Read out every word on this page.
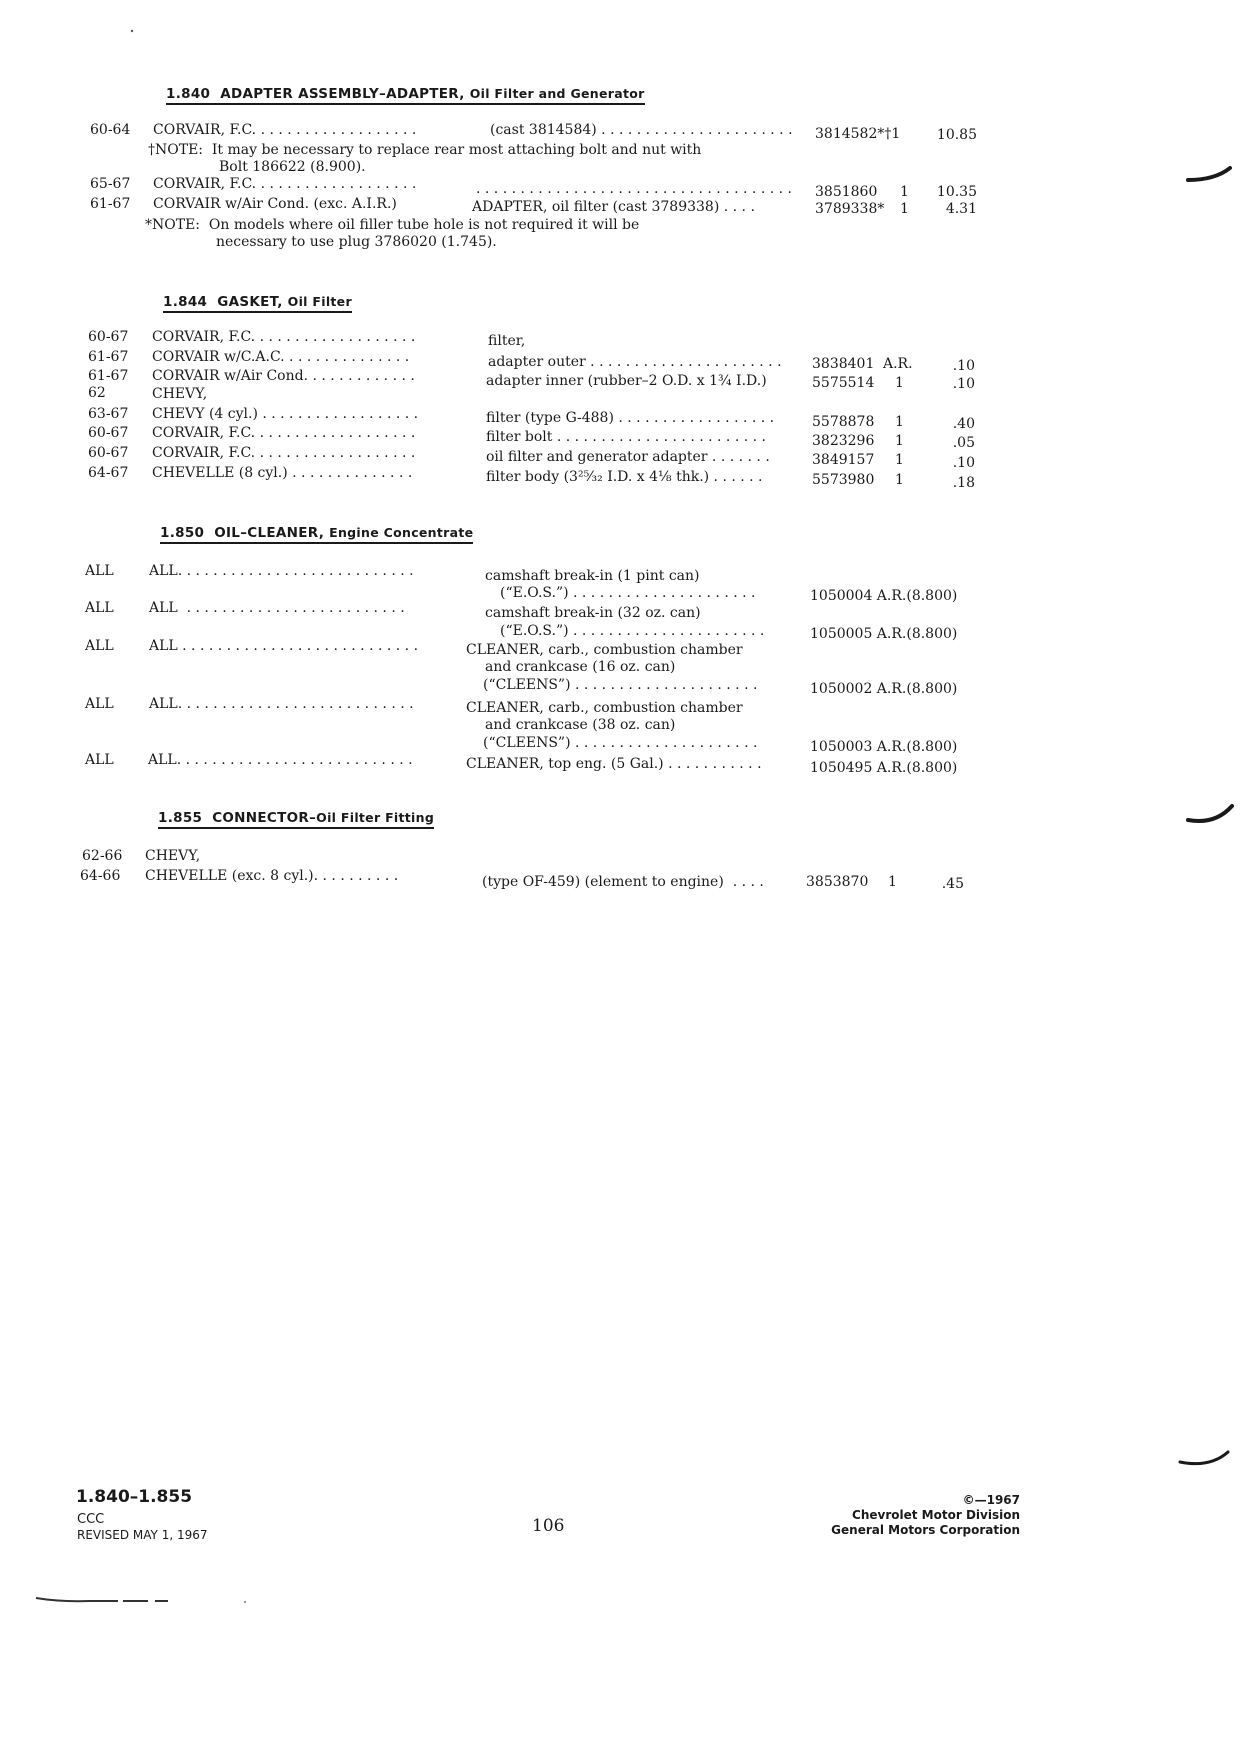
1.840 ADAPTER ASSEMBLY–ADAPTER, Oil Filter and Generator
60-64 CORVAIR, F.C. . . . . . . . . . . . . . . . . . .	(cast 3814584) . . . . . . . . . . . . . . . . . . . . . . 3814582*†1	10.85
†NOTE:  It may be necessary to replace rear most attaching bolt and nut with
Bolt 186622 (8.900).
65-67 CORVAIR, F.C. . . . . . . . . . . . . . . . . . .	. . . . . . . . . . . . . . . . . . . . . . . . . . . . . . . . . . . . 3851860 1	10.35
61-67 CORVAIR w/Air Cond. (exc. A.I.R.)	ADAPTER, oil filter (cast 3789338) . . . .	3789338* 1	4.31
*NOTE:  On models where oil filler tube hole is not required it will be
necessary to use plug 3786020 (1.745).
1.844 GASKET, Oil Filter
60-67 CORVAIR, F.C. . . . . . . . . . . . . . . . . . .	filter,
61-67 CORVAIR w/C.A.C. . . . . . . . . . . . . . .	adapter outer . . . . . . . . . . . . . . . . . . . . . . 3838401 A.R.	.10
61-67 CORVAIR w/Air Cond. . . . . . . . . . . . .	adapter inner (rubber–2 O.D. x 1¾ I.D.)	5575514 1	.10
62	CHEVY,
63-67 CHEVY (4 cyl.) . . . . . . . . . . . . . . . . . .	filter (type G-488) . . . . . . . . . . . . . . . . . .	5578878 1	.40
60-67 CORVAIR, F.C. . . . . . . . . . . . . . . . . . .	filter bolt . . . . . . . . . . . . . . . . . . . . . . . .	3823296 1	.05
60-67 CORVAIR, F.C. . . . . . . . . . . . . . . . . . .	oil filter and generator adapter . . . . . . .	3849157 1	.10
64-67 CHEVELLE (8 cyl.) . . . . . . . . . . . . . .	filter body (3²⁵⁄₃₂ I.D. x 4⅛ thk.) . . . . . .	5573980 1	.18
1.850 OIL–CLEANER, Engine Concentrate
ALL	ALL. . . . . . . . . . . . . . . . . . . . . . . . . . .	camshaft break-in (1 pint can)
(“E.O.S.”) . . . . . . . . . . . . . . . . . . . . .	1050004 A.R.(8.800)
ALL	ALL  . . . . . . . . . . . . . . . . . . . . . . . . .	camshaft break-in (32 oz. can)
(“E.O.S.”) . . . . . . . . . . . . . . . . . . . . . .	1050005 A.R.(8.800)
ALL	ALL . . . . . . . . . . . . . . . . . . . . . . . . . . .	CLEANER, carb., combustion chamber
and crankcase (16 oz. can)
(“CLEENS”) . . . . . . . . . . . . . . . . . . . . .	1050002 A.R.(8.800)
ALL	ALL. . . . . . . . . . . . . . . . . . . . . . . . . . .	CLEANER, carb., combustion chamber
and crankcase (38 oz. can)
(“CLEENS”) . . . . . . . . . . . . . . . . . . . . .	1050003 A.R.(8.800)
ALL ALL. . . . . . . . . . . . . . . . . . . . . . . . . . .	CLEANER, top eng. (5 Gal.) . . . . . . . . . . .	1050495 A.R.(8.800)
1.855 CONNECTOR–Oil Filter Fitting
62-66 CHEVY,
64-66 CHEVELLE (exc. 8 cyl.). . . . . . . . . .	(type OF-459) (element to engine)  . . . .	3853870 1	.45
1.840–1.855
CCC
REVISED MAY 1, 1967	106
©—1967
Chevrolet Motor Division
General Motors Corporation
